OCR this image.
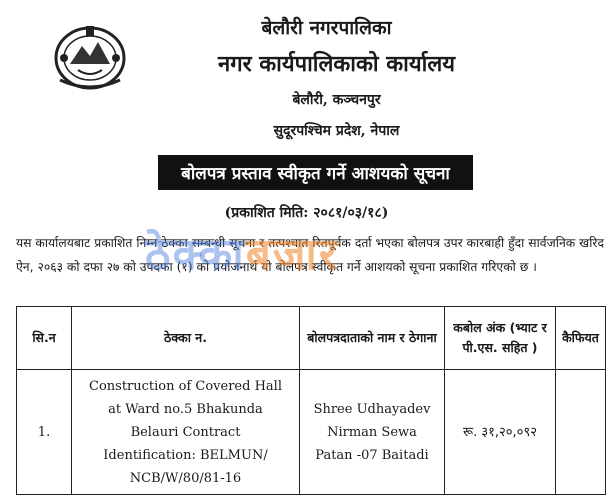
बेलौरी नगरपालिका
नगर कार्यपालिकाको कार्यालय
बेलौरी, कञ्चनपुर
सुदूरपश्चिम प्रदेश, नेपाल
बोलपत्र प्रस्ताव स्वीकृत गर्ने आशयको सूचना
(प्रकाशित मिति: २०८१/०३/१८)
यस कार्यालयबाट प्रकाशित निम्न ठेक्का सम्बन्धी सूचना र तत्पश्चात रितपूर्वक दर्ता भएका बोलपत्र उपर कारबाही हुँदा सार्वजनिक खरिद ऐन, २०६३ को दफा २७ को उपदफा (१) को प्रयोजनार्थ यो बोलपत्र स्वीकृत गर्ने आशयको सूचना प्रकाशित गरिएको छ ।
ठेक्काबजार
सि.न	ठेक्का न.	बोलपत्रदाताको नाम र ठेगाना	कबोल अंक (भ्याट र पी.एस. सहित )	कैफियत
1.	Construction of Covered Hall at Ward no.5 Bhakunda Belauri Contract Identification: BELMUN/ NCB/W/80/81-16	Shree Udhayadev Nirman Sewa Patan -07 Baitadi	रू. ३१,२०,०९२	
